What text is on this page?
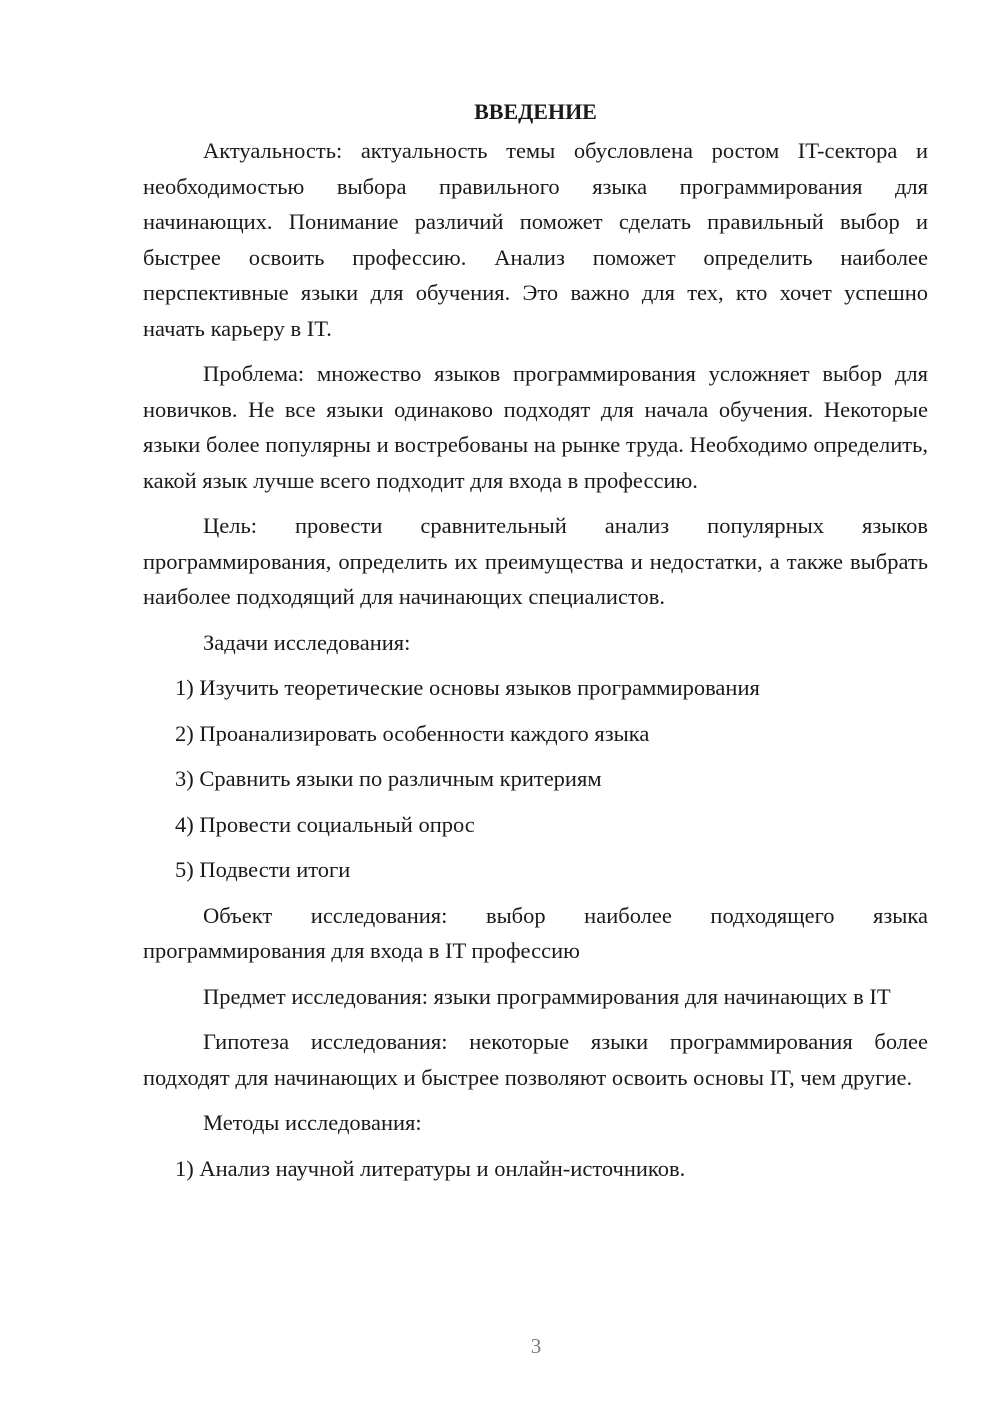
ВВЕДЕНИЕ

Актуальность: актуальность темы обусловлена ростом IT-сектора и необходимостью выбора правильного языка программирования для начинающих. Понимание различий поможет сделать правильный выбор и быстрее освоить профессию. Анализ поможет определить наиболее перспективные языки для обучения. Это важно для тех, кто хочет успешно начать карьеру в IT.

Проблема: множество языков программирования усложняет выбор для новичков. Не все языки одинаково подходят для начала обучения. Некоторые языки более популярны и востребованы на рынке труда. Необходимо определить, какой язык лучше всего подходит для входа в профессию.

Цель: провести сравнительный анализ популярных языков программирования, определить их преимущества и недостатки, а также выбрать наиболее подходящий для начинающих специалистов.

Задачи исследования:
1) Изучить теоретические основы языков программирования
2) Проанализировать особенности каждого языка
3) Сравнить языки по различным критериям
4) Провести социальный опрос
5) Подвести итоги

Объект исследования: выбор наиболее подходящего языка программирования для входа в IT профессию

Предмет исследования: языки программирования для начинающих в IT

Гипотеза исследования: некоторые языки программирования более подходят для начинающих и быстрее позволяют освоить основы IT, чем другие.

Методы исследования:
1) Анализ научной литературы и онлайн-источников.
3
